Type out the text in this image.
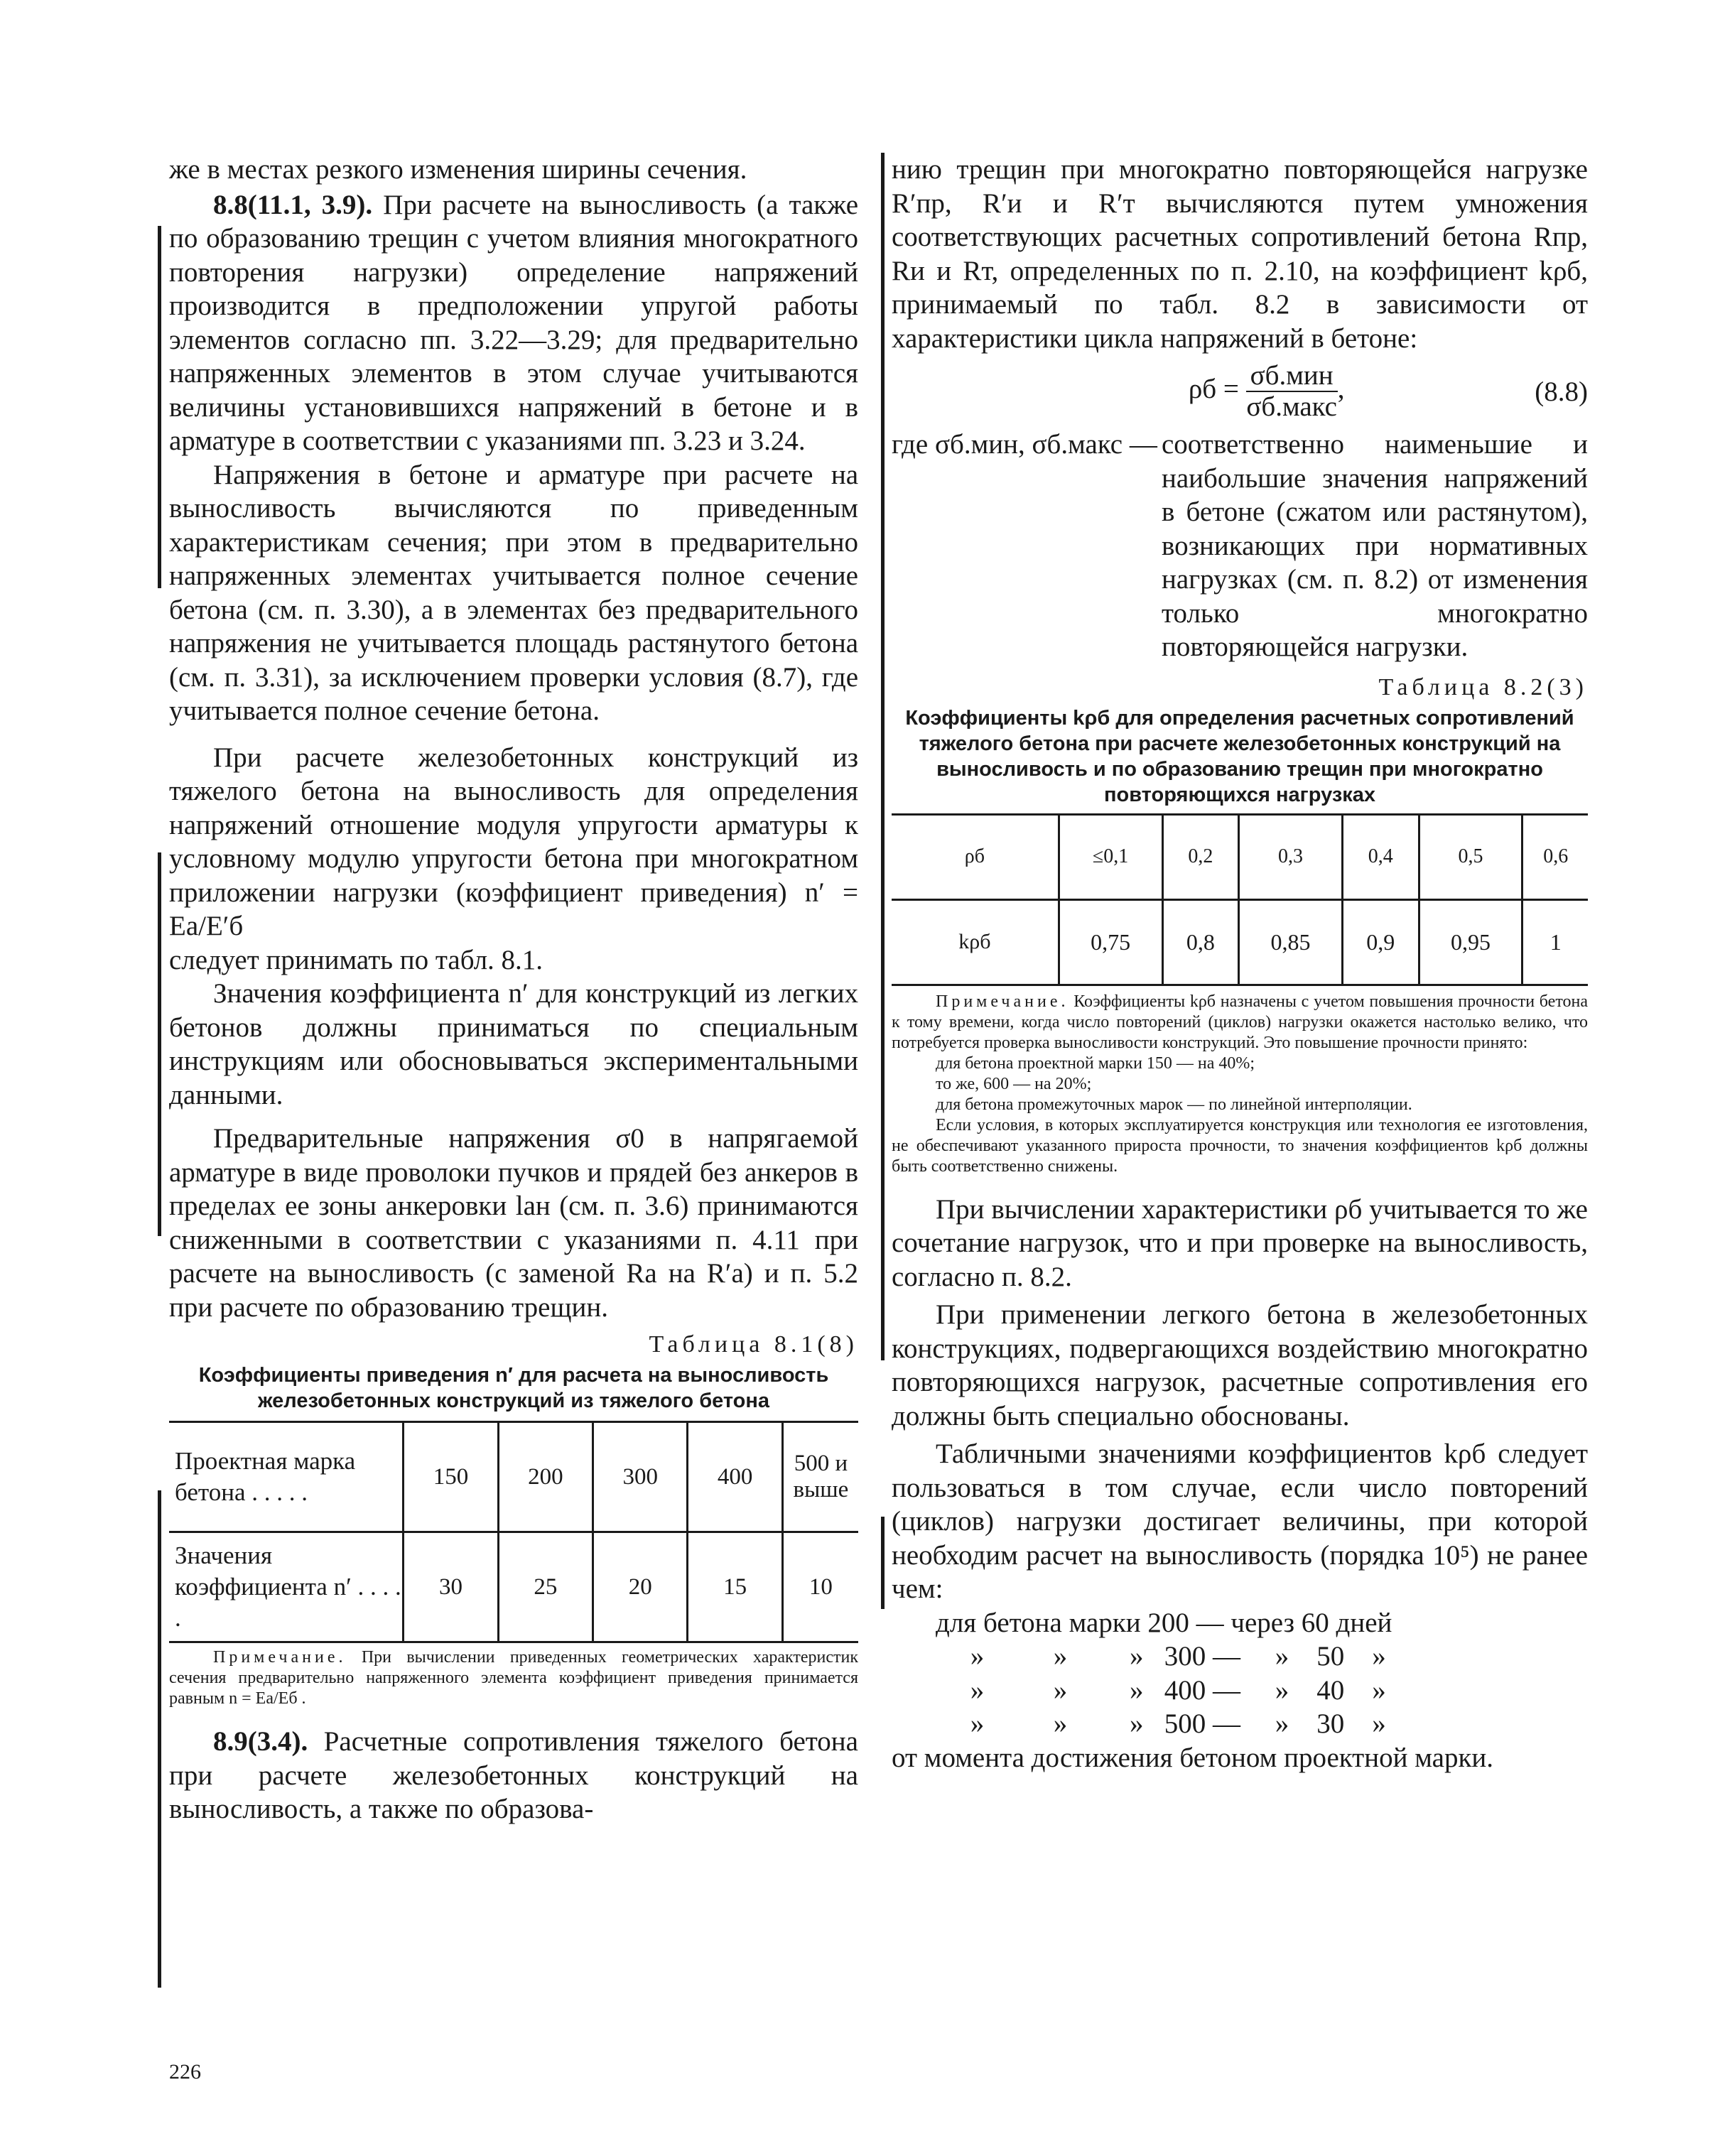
же в местах резкого изменения ширины сечения.

8.8(11.1, 3.9). При расчете на выносливость (а также по образованию трещин с учетом влияния многократного повторения нагрузки) определение напряжений производится в предположении упругой работы элементов согласно пп. 3.22—3.29; для предварительно напряженных элементов в этом случае учитываются величины установившихся напряжений в бетоне и в арматуре в соответствии с указаниями пп. 3.23 и 3.24.

Напряжения в бетоне и арматуре при расчете на выносливость вычисляются по приведенным характеристикам сечения; при этом в предварительно напряженных элементах учитывается полное сечение бетона (см. п. 3.30), а в элементах без предварительного напряжения не учитывается площадь растянутого бетона (см. п. 3.31), за исключением проверки условия (8.7), где учитывается полное сечение бетона.

При расчете железобетонных конструкций из тяжелого бетона на выносливость для определения напряжений отношение модуля упругости арматуры к условному модулю упругости бетона при многократном приложении нагрузки (коэффициент приведения) n′ = Eа/E′б

следует принимать по табл. 8.1.

Значения коэффициента n′ для конструкций из легких бетонов должны приниматься по специальным инструкциям или обосновываться экспериментальными данными.

Предварительные напряжения σ0 в напрягаемой арматуре в виде проволоки пучков и прядей без анкеров в пределах ее зоны анкеровки lан (см. п. 3.6) принимаются сниженными в соответствии с указаниями п. 4.11 при расчете на выносливость (с заменой Rа на R′а) и п. 5.2 при расчете по образованию трещин.

Таблица 8.1(8)
Коэффициенты приведения n′ для расчета на выносливость железобетонных конструкций из тяжелого бетона
Проектная марка бетона . . . . .	150	200	300	400	500 и выше
Значения коэффициента n′ . . . . .	30	25	20	15	10
Примечание. При вычислении приведенных геометрических характеристик сечения предварительно напряженного элемента коэффициент приведения принимается равным n = Eа/Eб .

8.9(3.4). Расчетные сопротивления тяжелого бетона при расчете железобетонных конструкций на выносливость, а также по образова-

нию трещин при многократно повторяющейся нагрузке R′пр, R′и и R′т вычисляются путем умножения соответствующих расчетных сопротивлений бетона Rпр, Rи и Rт, определенных по п. 2.10, на коэффициент kρб, принимаемый по табл. 8.2 в зависимости от характеристики цикла напряжений в бетоне:

$\rho б = \frac{\text{σб.мин}}{\text{σб.макс}}$ ,	(8.8)
где σб.мин, σб.макс — соответственно наименьшие и наибольшие значения напряжений в бетоне (сжатом или растянутом), возникающих при нормативных нагрузках (см. п. 8.2) от изменения только многократно повторяющейся нагрузки.
Таблица 8.2(3)
Коэффициенты kρб для определения расчетных сопротивлений тяжелого бетона при расчете железобетонных конструкций на выносливость и по образованию трещин при многократно повторяющихся нагрузках
ρб	≤0,1	0,2	0,3	0,4	0,5	0,6
kρб	0,75	0,8	0,85	0,9	0,95	1
Примечание. Коэффициенты kρб назначены с учетом повышения прочности бетона к тому времени, когда число повторений (циклов) нагрузки окажется настолько велико, что потребуется проверка выносливости конструкций. Это повышение прочности принято:
для бетона проектной марки 150 — на 40%;
то же, 600 — на 20%;
для бетона промежуточных марок — по линейной интерполяции.
Если условия, в которых эксплуатируется конструкция или технология ее изготовления, не обеспечивают указанного прироста прочности, то значения коэффициентов kρб должны быть соответственно снижены.

При вычислении характеристики ρб учитывается то же сочетание нагрузок, что и при проверке на выносливость, согласно п. 8.2.

При применении легкого бетона в железобетонных конструкциях, подвергающихся воздействию многократно повторяющихся нагрузок, расчетные сопротивления его должны быть специально обоснованы.

Табличными значениями коэффициентов kρб следует пользоваться в том случае, если число повторений (циклов) нагрузки достигает величины, при которой необходим расчет на выносливость (порядка 10⁵) не ранее чем:

для бетона марки 200 — через 60 дней
»          »         »   300 —     »    50    »
»          »         »   400 —     »    40    »
»          »         »   500 —     »    30    »

от момента достижения бетоном проектной марки.

226
